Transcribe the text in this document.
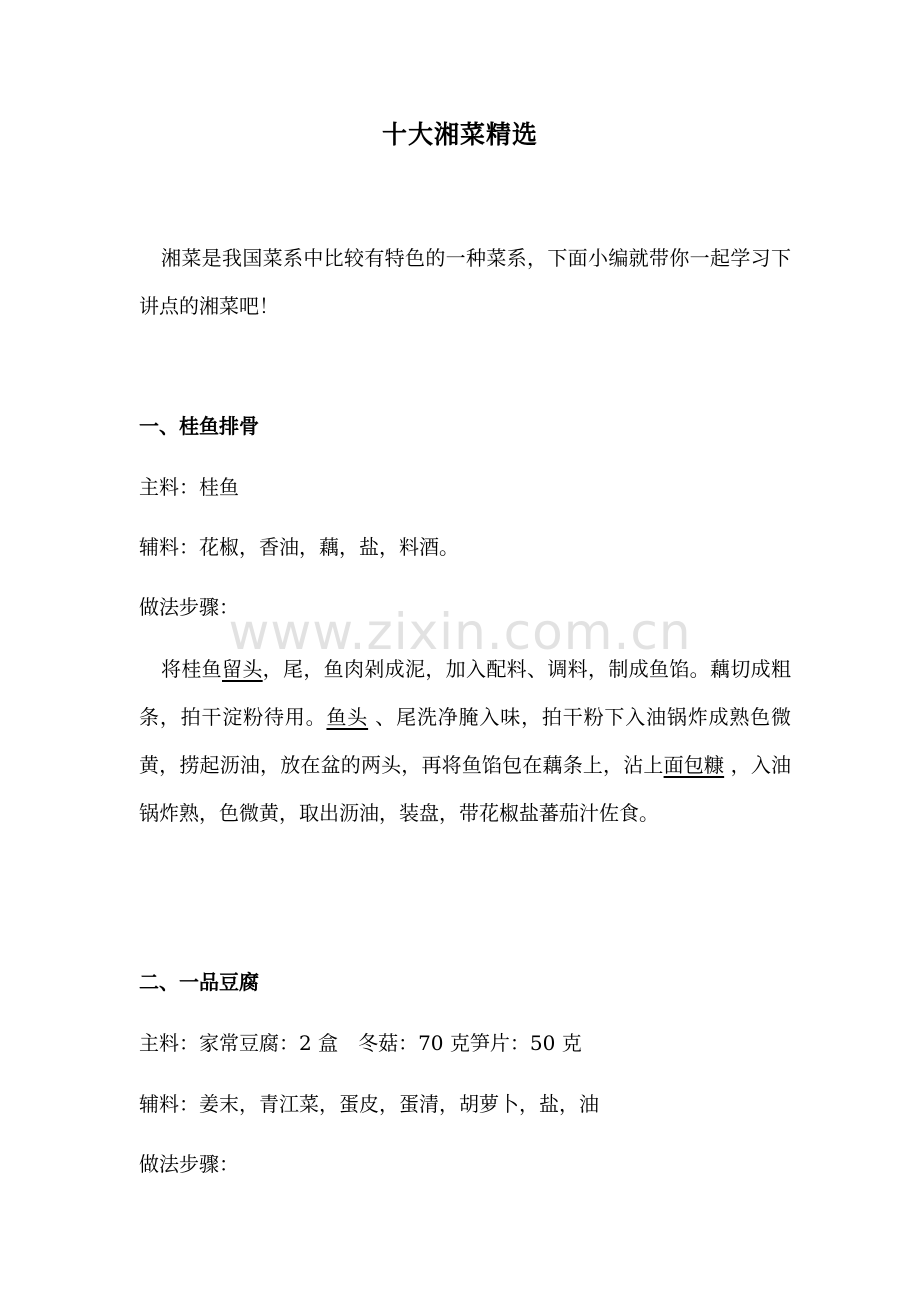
十大湘菜精选

湘菜是我国菜系中比较有特色的一种菜系，下面小编就带你一起学习下讲点的湘菜吧！

一、桂鱼排骨

主料：桂鱼

辅料：花椒，香油，藕，盐，料酒。

做法步骤：

将桂鱼留头，尾，鱼肉剁成泥，加入配料、调料，制成鱼馅。藕切成粗条，拍干淀粉待用。鱼头 、尾洗净腌入味，拍干粉下入油锅炸成熟色微黄，捞起沥油，放在盆的两头，再将鱼馅包在藕条上，沾上面包糠 ，入油锅炸熟，色微黄，取出沥油，装盘，带花椒盐蕃茄汁佐食。

二、一品豆腐

主料：家常豆腐：2 盒　冬菇：70 克笋片：50 克

辅料：姜末，青江菜，蛋皮，蛋清，胡萝卜，盐，油

做法步骤：

www.zixin.com.cn
